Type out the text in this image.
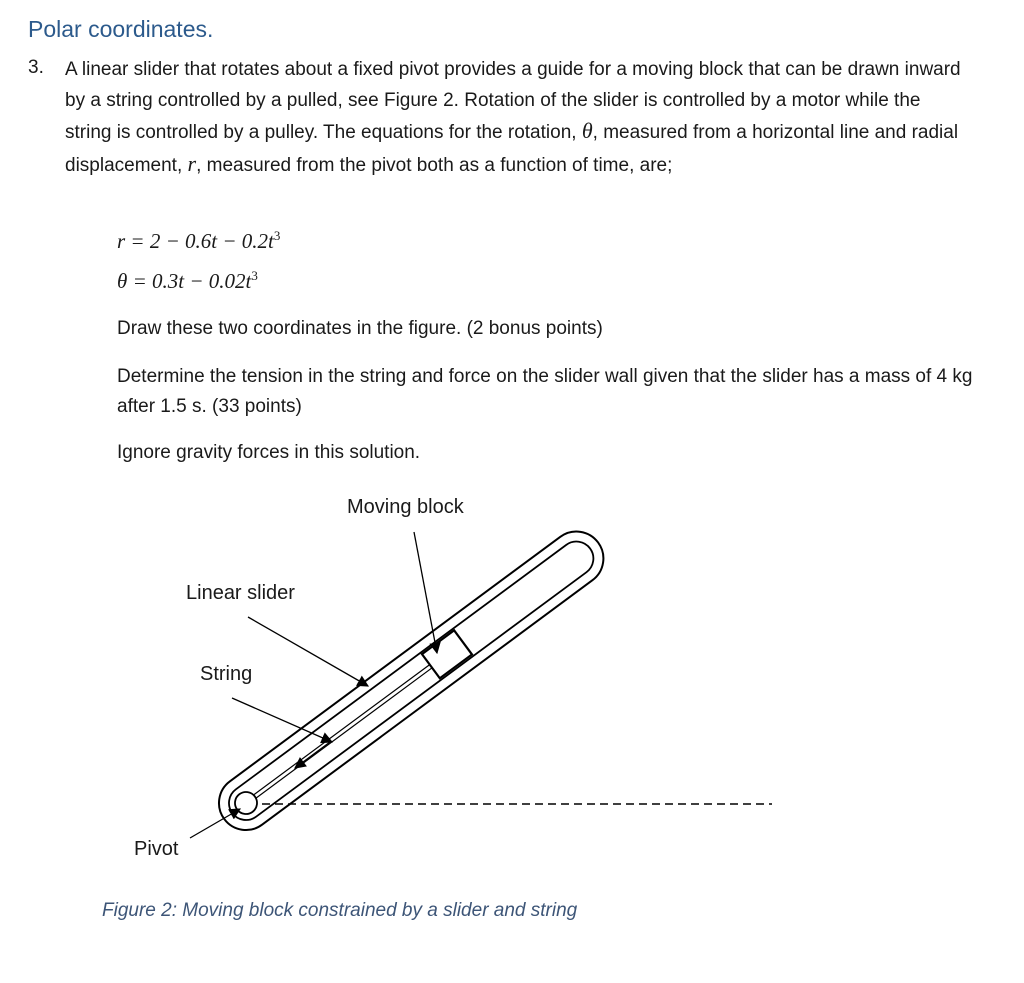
Polar coordinates.
3. A linear slider that rotates about a fixed pivot provides a guide for a moving block that can be drawn inward by a string controlled by a pulled, see Figure 2. Rotation of the slider is controlled by a motor while the string is controlled by a pulley. The equations for the rotation, θ, measured from a horizontal line and radial displacement, r, measured from the pivot both as a function of time, are;
$r = 2 - 0.6t - 0.2t^3$
$\theta = 0.3t - 0.02t^3$
Draw these two coordinates in the figure. (2 bonus points)
Determine the tension in the string and force on the slider wall given that the slider has a mass of 4 kg after 1.5 s. (33 points)
Ignore gravity forces in this solution.
Moving block
Linear slider
String
Pivot
Figure 2: Moving block constrained by a slider and string
